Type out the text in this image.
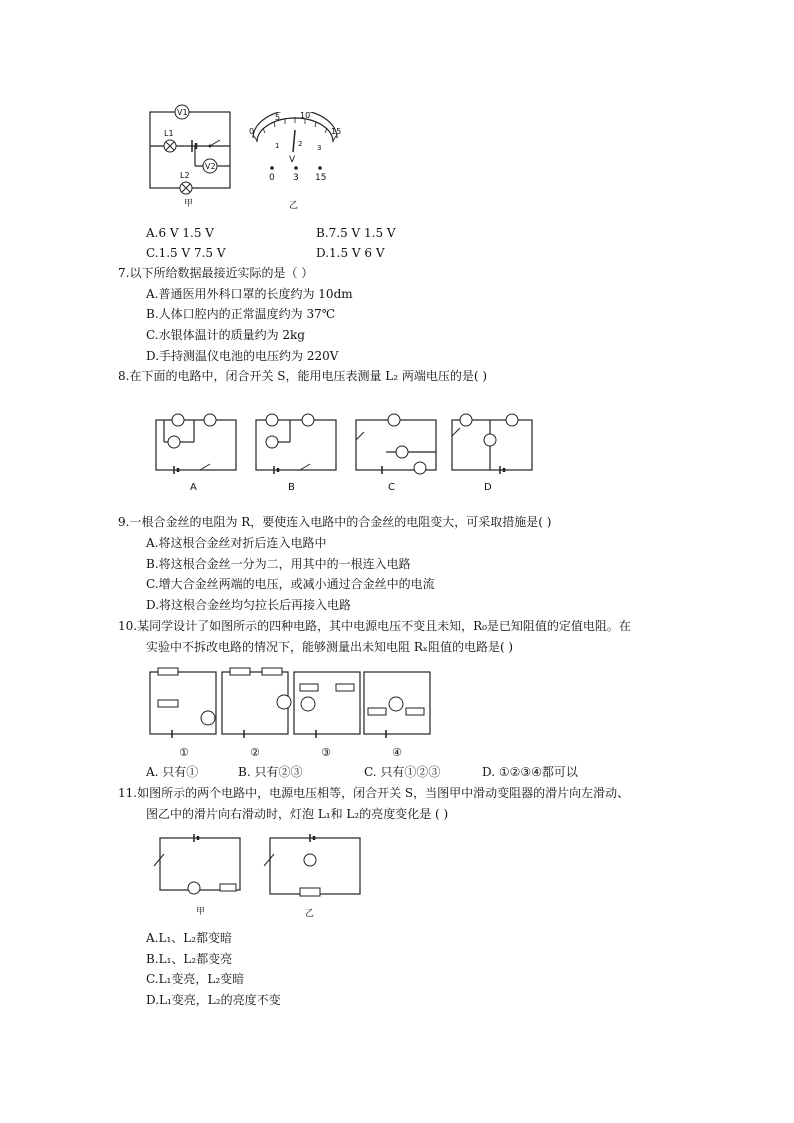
V1
L1
V2
L2
甲
0
5 10
15
1	2 3
V
0 3 15
乙
A.6 V 1.5 V	B.7.5 V 1.5 V
C.1.5 V 7.5 V	D.1.5 V 6 V
7.以下所给数据最接近实际的是（ ）
A.普通医用外科口罩的长度约为 10dm
B.人体口腔内的正常温度约为 37℃
C.水银体温计的质量约为 2kg
D.手持测温仪电池的电压约为 220V
8.在下面的电路中，闭合开关 S，能用电压表测量 L₂ 两端电压的是( )
A	B	C	D
9.一根合金丝的电阻为 R，要使连入电路中的合金丝的电阻变大，可采取措施是( )
A.将这根合金丝对折后连入电路中
B.将这根合金丝一分为二，用其中的一根连入电路
C.增大合金丝两端的电压，或减小通过合金丝中的电流
D.将这根合金丝均匀拉长后再接入电路
10.某同学设计了如图所示的四种电路，其中电源电压不变且未知，R₀是已知阻值的定值电阻。在
实验中不拆改电路的情况下，能够测量出未知电阻 Rₓ阻值的电路是( )
①	②	③	④
A. 只有①	B. 只有②③	C. 只有①②③	D. ①②③④都可以
11.如图所示的两个电路中，电源电压相等，闭合开关 S，当图甲中滑动变阻器的滑片向左滑动、
图乙中的滑片向右滑动时，灯泡 L₁和 L₂的亮度变化是 ( )
甲	乙
A.L₁、L₂都变暗
B.L₁、L₂都变亮
C.L₁变亮，L₂变暗
D.L₁变亮，L₂的亮度不变
